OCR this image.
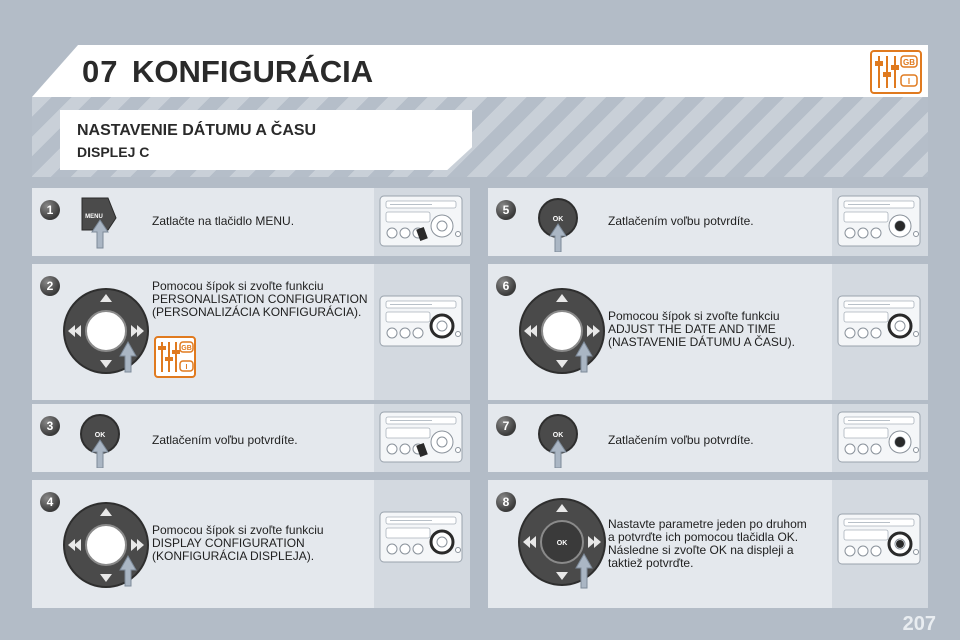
07 KONFIGURÁCIA	GB
I
NASTAVENIE DÁTUMU A ČASU
DISPLEJ C
1
Zatlačte na tlačidlo MENU.
MENU
2	Pomocou šípok si zvoľte funkciu
PERSONALISATION CONFIGURATION
(PERSONALIZÁCIA KONFIGURÁCIA).
GB
I
3
Zatlačením voľbu potvrdíte.
OK
4
Pomocou šípok si zvoľte funkciu
DISPLAY CONFIGURATION
(KONFIGURÁCIA DISPLEJA).
5
Zatlačením voľbu potvrdíte.
OK
6
Pomocou šípok si zvoľte funkciu
ADJUST THE DATE AND TIME
(NASTAVENIE DÁTUMU A ČASU).
7
Zatlačením voľbu potvrdíte.
OK
8
Nastavte parametre jeden po druhom
a potvrďte ich pomocou tlačidla OK.
Následne si zvoľte OK na displeji a
taktiež potvrďte.
OK
207
